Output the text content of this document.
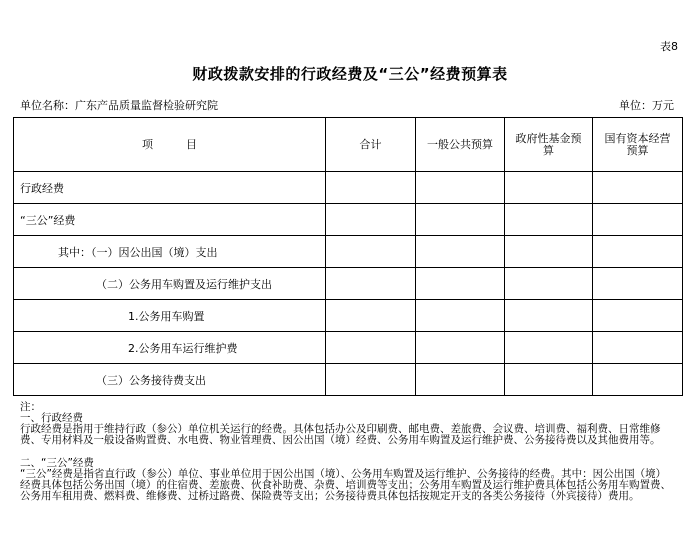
表8
财政拨款安排的行政经费及“三公”经费预算表
单位名称：广东产品质量监督检验研究院	单位：万元
项　　　目	合计	一般公共预算	政府性基金预算	国有资本经营预算
行政经费				
“三公”经费				
其中：（一）因公出国（境）支出				
（二）公务用车购置及运行维护支出				
1.公务用车购置				
2.公务用车运行维护费				
（三）公务接待费支出				

注：

一、行政经费

行政经费是指用于维持行政（参公）单位机关运行的经费。具体包括办公及印刷费、邮电费、差旅费、会议费、培训费、福利费、日常维修费、专用材料及一般设备购置费、水电费、物业管理费、因公出国（境）经费、公务用车购置及运行维护费、公务接待费以及其他费用等。

二、“三公”经费

“三公”经费是指省直行政（参公）单位、事业单位用于因公出国（境）、公务用车购置及运行维护、公务接待的经费。其中：因公出国（境）经费具体包括公务出国（境）的住宿费、差旅费、伙食补助费、杂费、培训费等支出；公务用车购置及运行维护费具体包括公务用车购置费、公务用车租用费、燃料费、维修费、过桥过路费、保险费等支出；公务接待费具体包括按规定开支的各类公务接待（外宾接待）费用。
